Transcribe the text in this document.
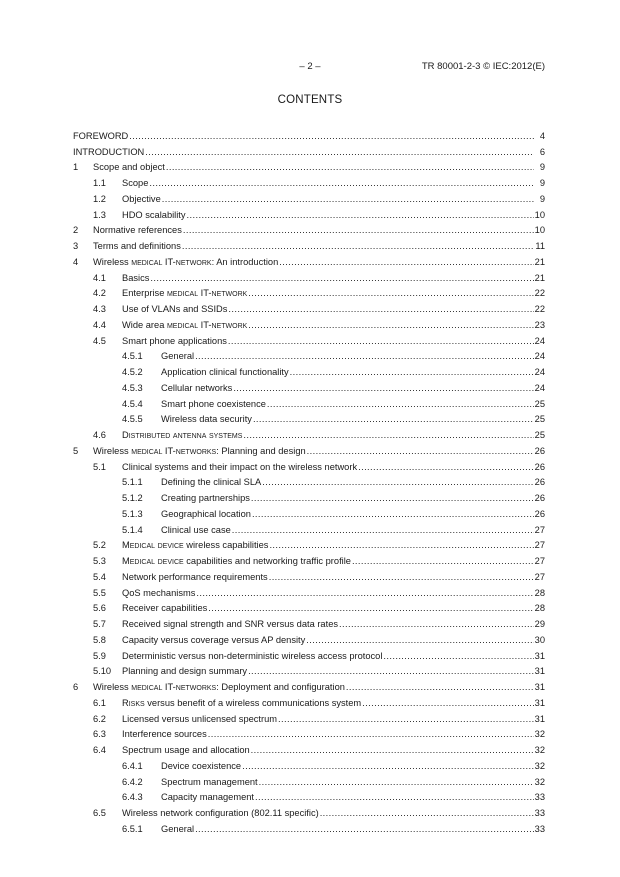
– 2 –	TR 80001-2-3 © IEC:2012(E)
CONTENTS
FOREWORD .....	4
INTRODUCTION .....	6
1	Scope and object .....	9
1.1	Scope .....	9
1.2	Objective .....	9
1.3	HDO scalability .....	10
2	Normative references .....	10
3	Terms and definitions .....	11
4	Wireless medical IT-network: An introduction .....	21
4.1	Basics .....	21
4.2	Enterprise medical IT-network .....	22
4.3	Use of VLANs and SSIDs .....	22
4.4	Wide area medical IT-network .....	23
4.5	Smart phone applications .....	24
4.5.1	General .....	24
4.5.2	Application clinical functionality .....	24
4.5.3	Cellular networks .....	24
4.5.4	Smart phone coexistence .....	25
4.5.5	Wireless data security .....	25
4.6	Distributed antenna systems .....	25
5	Wireless medical IT-networks: Planning and design .....	26
5.1	Clinical systems and their impact on the wireless network .....	26
5.1.1	Defining the clinical SLA .....	26
5.1.2	Creating partnerships .....	26
5.1.3	Geographical location .....	26
5.1.4	Clinical use case .....	27
5.2	Medical device wireless capabilities .....	27
5.3	Medical device capabilities and networking traffic profile .....	27
5.4	Network performance requirements .....	27
5.5	QoS mechanisms .....	28
5.6	Receiver capabilities .....	28
5.7	Received signal strength and SNR versus data rates .....	29
5.8	Capacity versus coverage versus AP density .....	30
5.9	Deterministic versus non-deterministic wireless access protocol .....	31
5.10	Planning and design summary .....	31
6	Wireless medical IT-networks: Deployment and configuration .....	31
6.1	Risks versus benefit of a wireless communications system .....	31
6.2	Licensed versus unlicensed spectrum .....	31
6.3	Interference sources .....	32
6.4	Spectrum usage and allocation .....	32
6.4.1	Device coexistence .....	32
6.4.2	Spectrum management .....	32
6.4.3	Capacity management .....	33
6.5	Wireless network configuration (802.11 specific) .....	33
6.5.1	General .....	33
